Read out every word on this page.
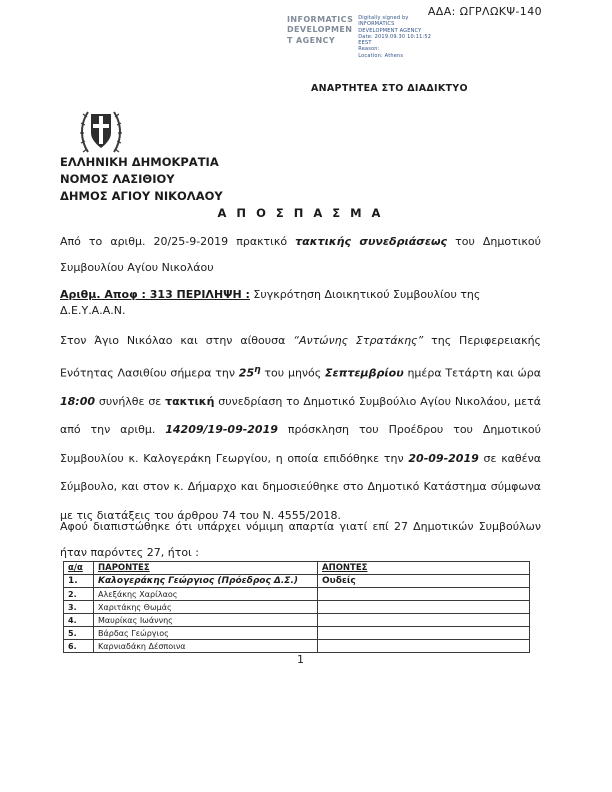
ΑΔΑ: ΩΓΡΛΩΚΨ-140
INFORMATICS
DEVELOPMEN
T AGENCY
Digitally signed by
INFORMATICS
DEVELOPMENT AGENCY
Date: 2019.09.30 10:11:52
EEST
Reason:
Location: Athens
ΑΝΑΡΤΗΤΕΑ ΣΤΟ ΔΙΑΔΙΚΤΥΟ
ΕΛΛΗΝΙΚΗ ΔΗΜΟΚΡΑΤΙΑ
ΝΟΜΟΣ ΛΑΣΙΘΙΟΥ
ΔΗΜΟΣ ΑΓΙΟΥ ΝΙΚΟΛΑΟΥ
Α Π Ο Σ Π Α Σ Μ Α

Από το αριθμ. 20/25-9-2019 πρακτικό τακτικής συνεδριάσεως του Δημοτικού Συμβουλίου Αγίου Νικολάου

Αριθμ. Αποφ : 313 ΠΕΡΙΛΗΨΗ : Συγκρότηση Διοικητικού Συμβουλίου της Δ.Ε.Υ.Α.Α.Ν.

Στον Άγιο Νικόλαο και στην αίθουσα “Αντώνης Στρατάκης” της Περιφερειακής Ενότητας Λασιθίου σήμερα την $25^\eta$ του μηνός Σεπτεμβρίου ημέρα Τετάρτη και ώρα 18:00 συνήλθε σε τακτική συνεδρίαση το Δημοτικό Συμβούλιο Αγίου Νικολάου, μετά από την αριθμ. 14209/19-09-2019 πρόσκληση του Προέδρου του Δημοτικού Συμβουλίου κ. Καλογεράκη Γεωργίου, η οποία επιδόθηκε την 20-09-2019 σε καθένα Σύμβουλο, και στον κ. Δήμαρχο και δημοσιεύθηκε στο Δημοτικό Κατάστημα σύμφωνα με τις διατάξεις του άρθρου 74 του Ν. 4555/2018.

Αφού διαπιστώθηκε ότι υπάρχει νόμιμη απαρτία γιατί επί 27 Δημοτικών Συμβούλων ήταν παρόντες 27, ήτοι :

α/α	ΠΑΡΟΝΤΕΣ	ΑΠΟΝΤΕΣ
1.	Καλογεράκης Γεώργιος (Πρόεδρος Δ.Σ.)	Ουδείς
2.	Αλεξάκης Χαρίλαος	
3.	Χαριτάκης Θωμάς	
4.	Μαυρίκας Ιωάννης	
5.	Βάρδας Γεώργιος	
6.	Καρνιαδάκη Δέσποινα	
1
